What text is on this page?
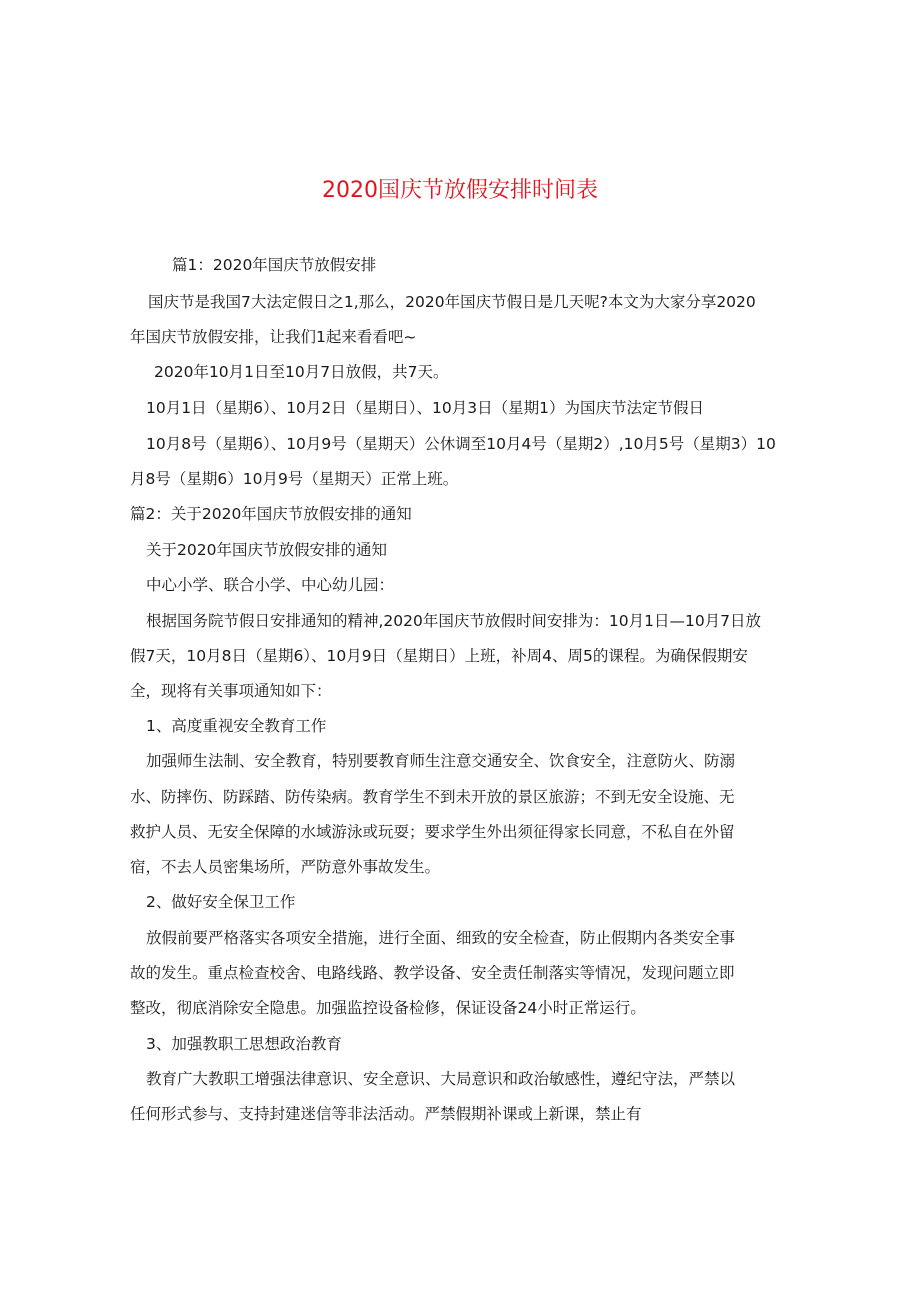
2020国庆节放假安排时间表
篇1：2020年国庆节放假安排
国庆节是我国7大法定假日之1,那么，2020年国庆节假日是几天呢?本文为大家分享2020
年国庆节放假安排，让我们1起来看看吧~
2020年10月1日至10月7日放假，共7天。
10月1日（星期6）、10月2日（星期日）、10月3日（星期1）为国庆节法定节假日
10月8号（星期6）、10月9号（星期天）公休调至10月4号（星期2）,10月5号（星期3）10
月8号（星期6）10月9号（星期天）正常上班。
篇2：关于2020年国庆节放假安排的通知
关于2020年国庆节放假安排的通知
中心小学、联合小学、中心幼儿园：
根据国务院节假日安排通知的精神,2020年国庆节放假时间安排为：10月1日—10月7日放
假7天，10月8日（星期6）、10月9日（星期日）上班，补周4、周5的课程。为确保假期安
全，现将有关事项通知如下：
1、高度重视安全教育工作
加强师生法制、安全教育，特别要教育师生注意交通安全、饮食安全，注意防火、防溺
水、防摔伤、防踩踏、防传染病。教育学生不到未开放的景区旅游；不到无安全设施、无
救护人员、无安全保障的水域游泳或玩耍；要求学生外出须征得家长同意，不私自在外留
宿，不去人员密集场所，严防意外事故发生。
2、做好安全保卫工作
放假前要严格落实各项安全措施，进行全面、细致的安全检查，防止假期内各类安全事
故的发生。重点检查校舍、电路线路、教学设备、安全责任制落实等情况，发现问题立即
整改，彻底消除安全隐患。加强监控设备检修，保证设备24小时正常运行。
3、加强教职工思想政治教育
教育广大教职工增强法律意识、安全意识、大局意识和政治敏感性，遵纪守法，严禁以
任何形式参与、支持封建迷信等非法活动。严禁假期补课或上新课，禁止有
